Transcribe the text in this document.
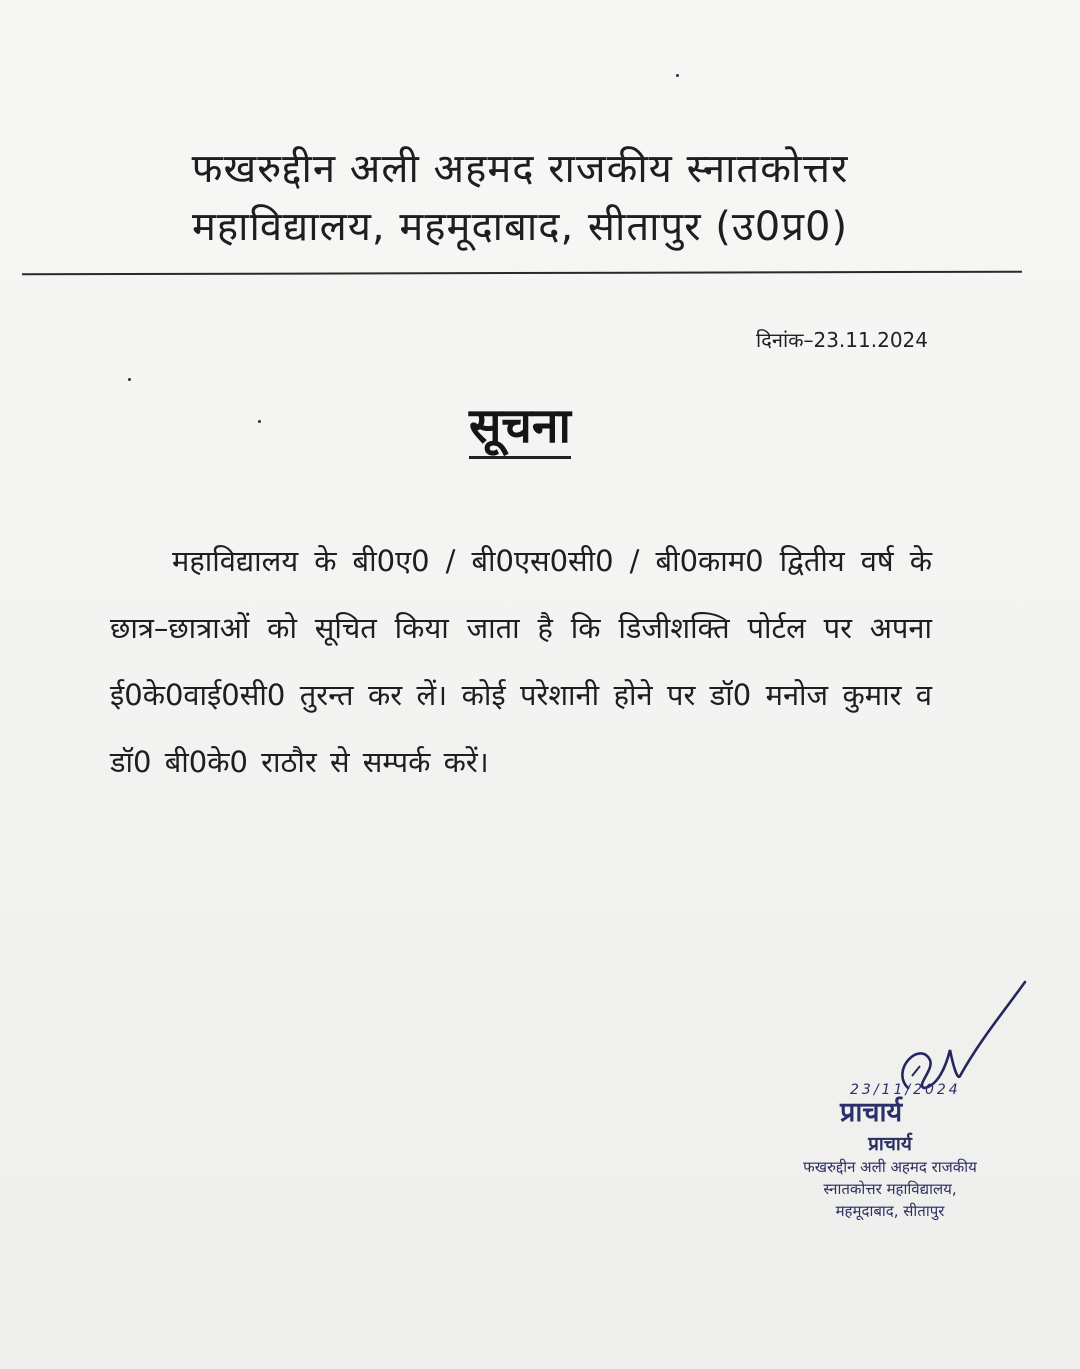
फखरुद्दीन अली अहमद राजकीय स्नातकोत्तर
महाविद्यालय, महमूदाबाद, सीतापुर (उ0प्र0)
दिनांक–23.11.2024
सूचना
महाविद्यालय के बी0ए0 / बी0एस0सी0 / बी0काम0 द्वितीय वर्ष के छात्र–छात्राओं को सूचित किया जाता है कि डिजीशक्ति पोर्टल पर अपना ई0के0वाई0सी0 तुरन्त कर लें। कोई परेशानी होने पर डॉ0 मनोज कुमार व डॉ0 बी0के0 राठौर से सम्पर्क करें।
23/11/2024
प्राचार्य
प्राचार्य
फखरुद्दीन अली अहमद राजकीय
स्नातकोत्तर महाविद्यालय,
महमूदाबाद, सीतापुर
